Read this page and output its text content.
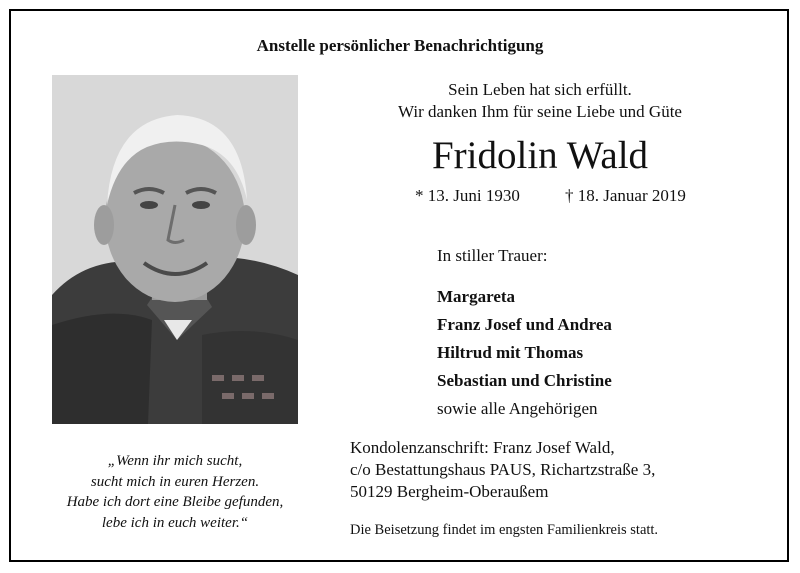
Anstelle persönlicher Benachrichtigung
„Wenn ihr mich sucht,
sucht mich in euren Herzen.
Habe ich dort eine Bleibe gefunden,
lebe ich in euch weiter.“
Sein Leben hat sich erfüllt.
Wir danken Ihm für seine Liebe und Güte
Fridolin Wald
* 13. Juni 1930	† 18. Januar 2019
In stiller Trauer:
Margareta
Franz Josef und Andrea
Hiltrud mit Thomas
Sebastian und Christine
sowie alle Angehörigen
Kondolenzanschrift: Franz Josef Wald,
c/o Bestattungshaus PAUS, Richartzstraße 3,
50129 Bergheim-Oberaußem
Die Beisetzung findet im engsten Familienkreis statt.
